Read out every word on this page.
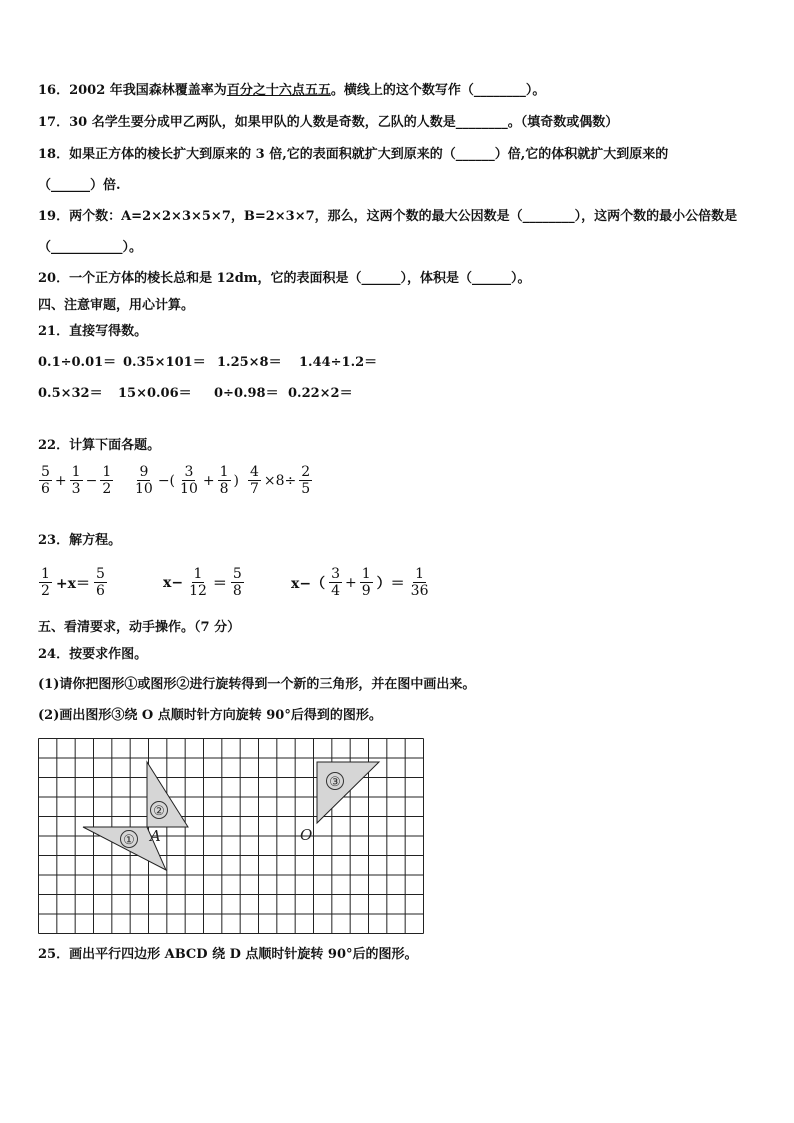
16．2002 年我国森林覆盖率为百分之十六点五五。横线上的这个数写作（________）。
17．30 名学生要分成甲乙两队，如果甲队的人数是奇数，乙队的人数是________。（填奇数或偶数）
18．如果正方体的棱长扩大到原来的 3 倍,它的表面积就扩大到原来的（______）倍,它的体积就扩大到原来的
（______）倍.
19．两个数：A=2×2×3×5×7，B=2×3×7，那么，这两个数的最大公因数是（________），这两个数的最小公倍数是
（___________）。
20．一个正方体的棱长总和是 12dm，它的表面积是（______），体积是（______）。
四、注意审题，用心计算。
21．直接写得数。
0.1÷0.01＝ 0.35×101＝ 1.25×8＝ 1.44÷1.2＝
0.5×32＝ 15×0.06＝ 0÷0.98＝ 0.22×2＝
22．计算下面各题。
$\frac{5}{6} + \frac{1}{3} - \frac{1}{2} \frac{9}{10}$ −( $\frac{3}{10} + \frac{1}{8}$ ) $\frac{4}{7} \times 8\div \frac{2}{5}$
23．解方程。
$\frac{1}{2} +x= \frac{5}{6}$	$x- \frac{1}{12} = \frac{5}{8}$	$x-( \frac{3}{4} + \frac{1}{9}$ ）＝ $\frac{1}{36}$
五、看清要求，动手操作。（7 分）
24．按要求作图。
(1)请你把图形①或图形②进行旋转得到一个新的三角形，并在图中画出来。
(2)画出图形③绕 O 点顺时针方向旋转 90°后得到的图形。
①
②
③
A	O
25．画出平行四边形 ABCD 绕 D 点顺时针旋转 90°后的图形。
